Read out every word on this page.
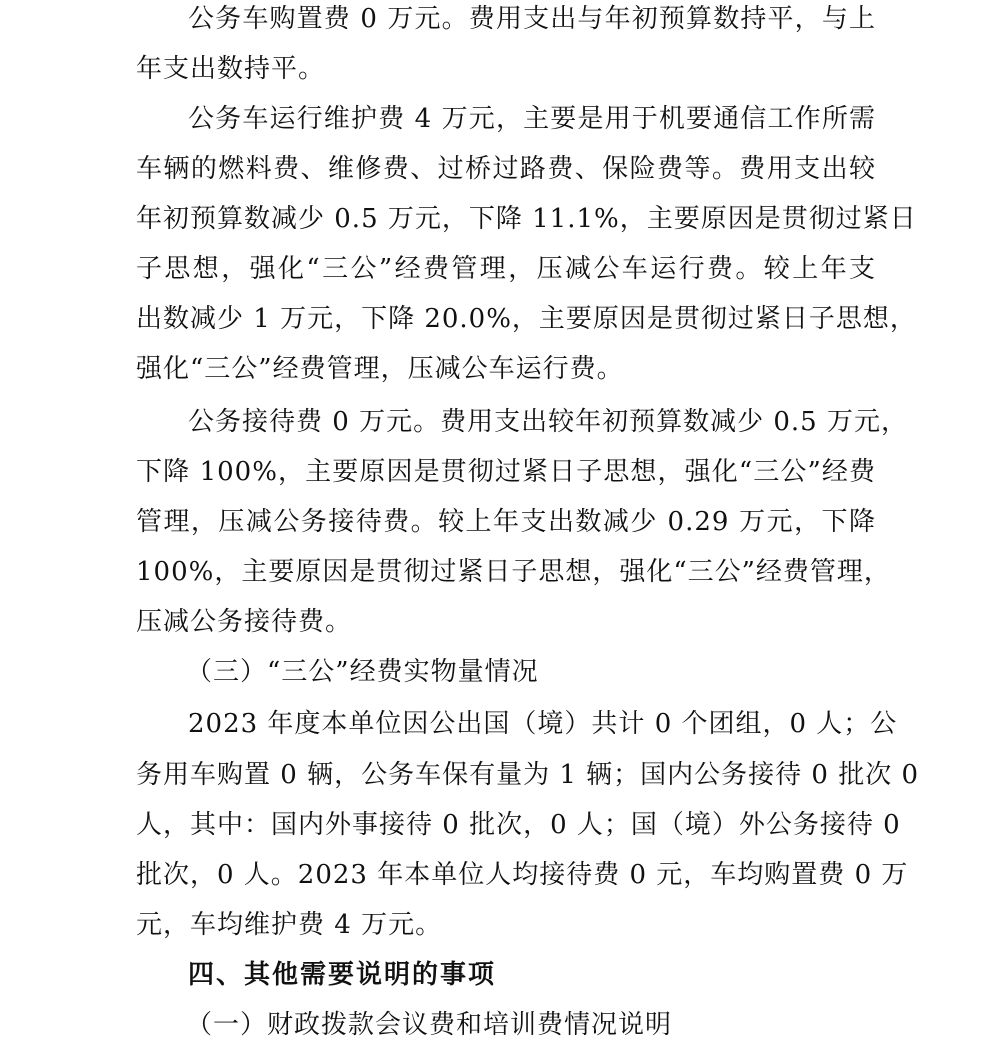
公务车购置费 0 万元。费用支出与年初预算数持平，与上
年支出数持平。
公务车运行维护费 4 万元，主要是用于机要通信工作所需
车辆的燃料费、维修费、过桥过路费、保险费等。费用支出较
年初预算数减少 0.5 万元，下降 11.1%，主要原因是贯彻过紧日
子思想，强化“三公”经费管理，压减公车运行费。较上年支
出数减少 1 万元，下降 20.0%，主要原因是贯彻过紧日子思想，
强化“三公”经费管理，压减公车运行费。
公务接待费 0 万元。费用支出较年初预算数减少 0.5 万元，
下降 100%，主要原因是贯彻过紧日子思想，强化“三公”经费
管理，压减公务接待费。较上年支出数减少 0.29 万元，下降
100%，主要原因是贯彻过紧日子思想，强化“三公”经费管理，
压减公务接待费。
（三）“三公”经费实物量情况
2023 年度本单位因公出国（境）共计 0 个团组，0 人；公
务用车购置 0 辆，公务车保有量为 1 辆；国内公务接待 0 批次 0
人，其中：国内外事接待 0 批次，0 人；国（境）外公务接待 0
批次，0 人。2023 年本单位人均接待费 0 元，车均购置费 0 万
元，车均维护费 4 万元。
四、其他需要说明的事项
（一）财政拨款会议费和培训费情况说明
